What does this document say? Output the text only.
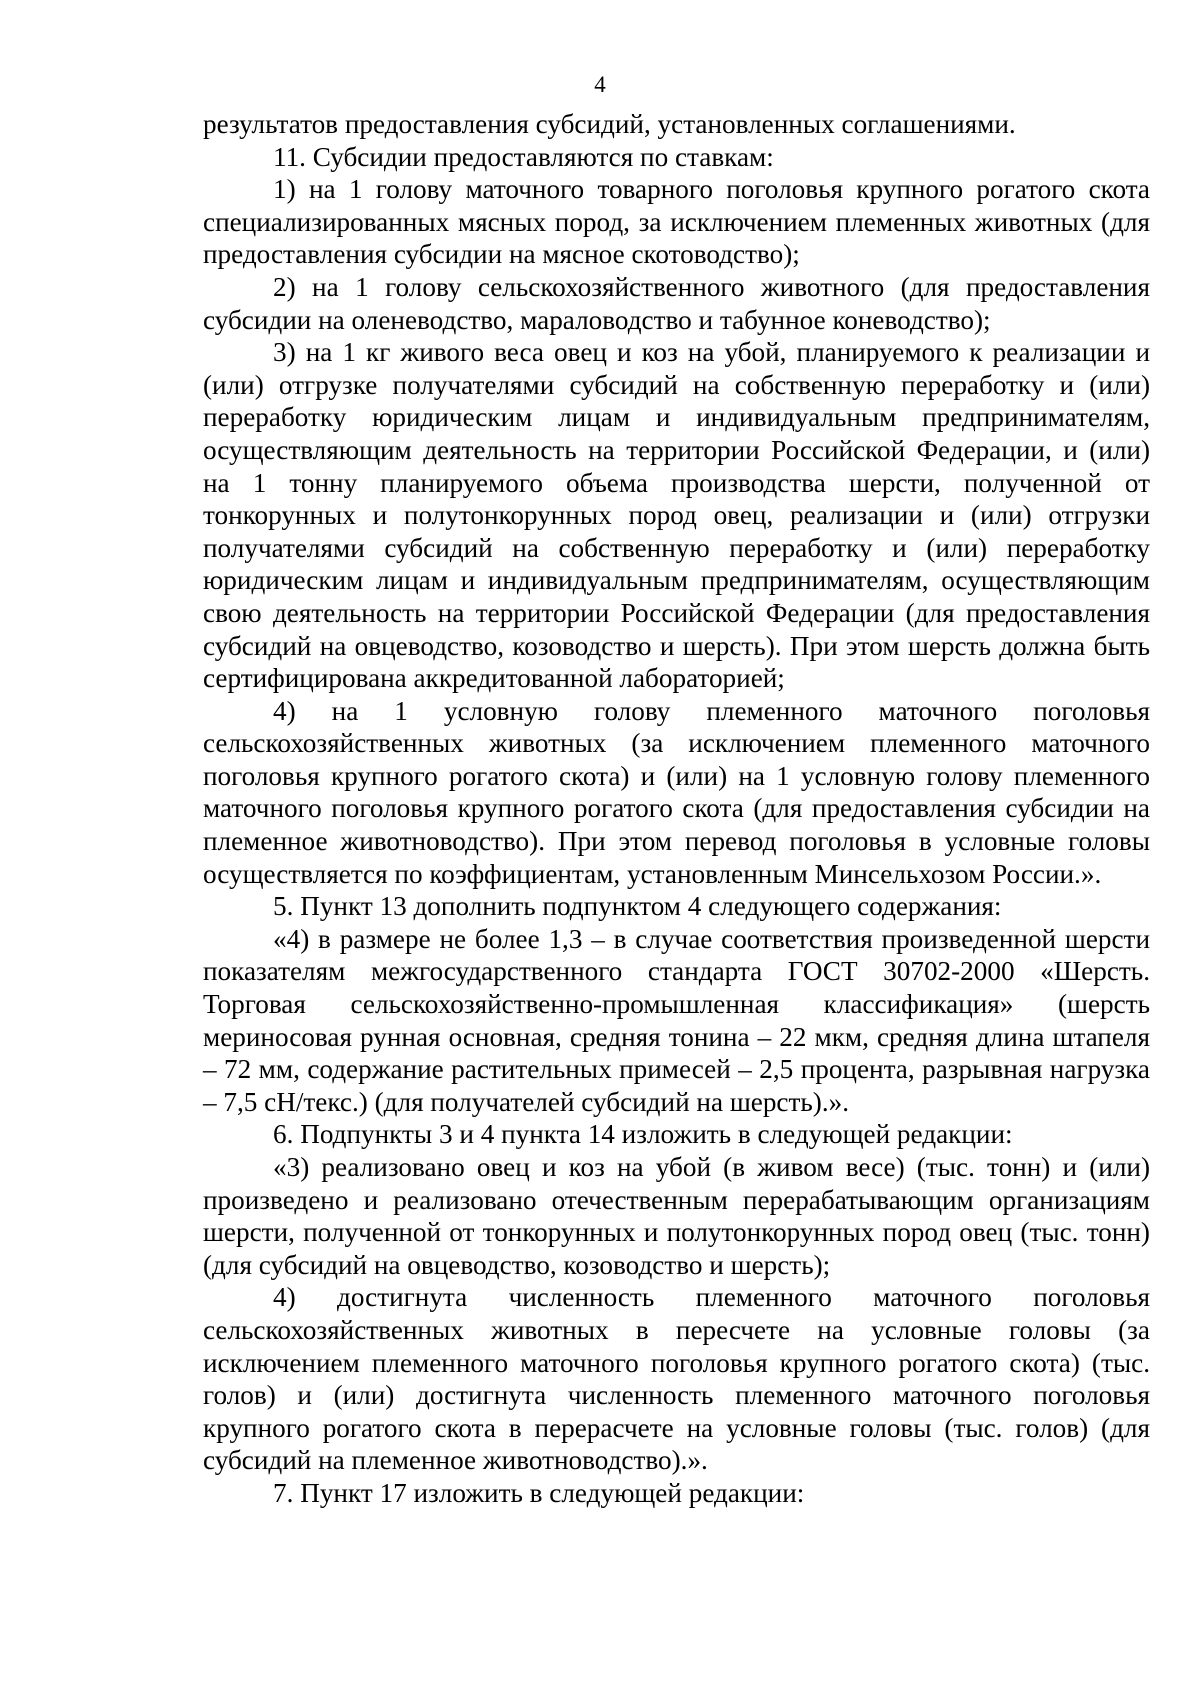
4

результатов предоставления субсидий, установленных соглашениями.

11. Субсидии предоставляются по ставкам:

1) на 1 голову маточного товарного поголовья крупного рогатого скота специализированных мясных пород, за исключением племенных животных (для предоставления субсидии на мясное скотоводство);

2) на 1 голову сельскохозяйственного животного (для предоставления субсидии на оленеводство, мараловодство и табунное коневодство);

3) на 1 кг живого веса овец и коз на убой, планируемого к реализации и (или) отгрузке получателями субсидий на собственную переработку и (или) переработку юридическим лицам и индивидуальным предпринимателям, осуществляющим деятельность на территории Российской Федерации, и (или) на 1 тонну планируемого объема производства шерсти, полученной от тонкорунных и полутонкорунных пород овец, реализации и (или) отгрузки получателями субсидий на собственную переработку и (или) переработку юридическим лицам и индивидуальным предпринимателям, осуществляющим свою деятельность на территории Российской Федерации (для предоставления субсидий на овцеводство, козоводство и шерсть). При этом шерсть должна быть сертифицирована аккредитованной лабораторией;

4) на 1 условную голову племенного маточного поголовья сельскохозяйственных животных (за исключением племенного маточного поголовья крупного рогатого скота) и (или) на 1 условную голову племенного маточного поголовья крупного рогатого скота (для предоставления субсидии на племенное животноводство). При этом перевод поголовья в условные головы осуществляется по коэффициентам, установленным Минсельхозом России.».

5. Пункт 13 дополнить подпунктом 4 следующего содержания:

«4) в размере не более 1,3 – в случае соответствия произведенной шерсти показателям межгосударственного стандарта ГОСТ 30702-2000 «Шерсть. Торговая сельскохозяйственно-промышленная классификация» (шерсть мериносовая рунная основная, средняя тонина – 22 мкм, средняя длина штапеля – 72 мм, содержание растительных примесей – 2,5 процента, разрывная нагрузка – 7,5 сН/текс.) (для получателей субсидий на шерсть).».

6. Подпункты 3 и 4 пункта 14 изложить в следующей редакции:

«3) реализовано овец и коз на убой (в живом весе) (тыс. тонн) и (или) произведено и реализовано отечественным перерабатывающим организациям шерсти, полученной от тонкорунных и полутонкорунных пород овец (тыс. тонн) (для субсидий на овцеводство, козоводство и шерсть);

4) достигнута численность племенного маточного поголовья сельскохозяйственных животных в пересчете на условные головы (за исключением племенного маточного поголовья крупного рогатого скота) (тыс. голов) и (или) достигнута численность племенного маточного поголовья крупного рогатого скота в перерасчете на условные головы (тыс. голов) (для субсидий на племенное животноводство).».

7. Пункт 17 изложить в следующей редакции:
